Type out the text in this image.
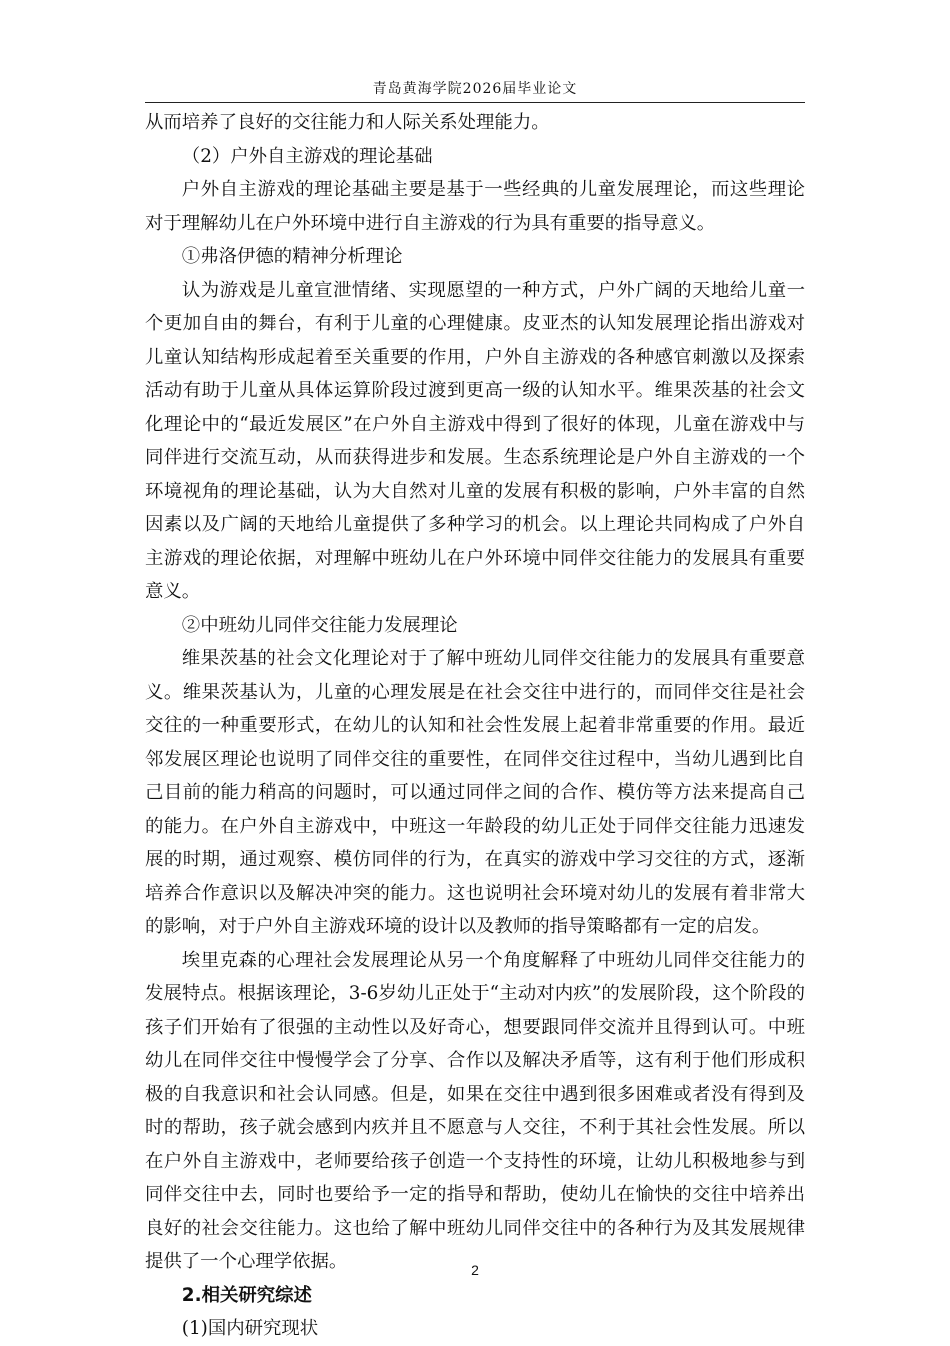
青岛黄海学院2026届毕业论文

从而培养了良好的交往能力和人际关系处理能力。

（2）户外自主游戏的理论基础

户外自主游戏的理论基础主要是基于一些经典的儿童发展理论，而这些理论对于理解幼儿在户外环境中进行自主游戏的行为具有重要的指导意义。

①弗洛伊德的精神分析理论

认为游戏是儿童宣泄情绪、实现愿望的一种方式，户外广阔的天地给儿童一个更加自由的舞台，有利于儿童的心理健康。皮亚杰的认知发展理论指出游戏对儿童认知结构形成起着至关重要的作用，户外自主游戏的各种感官刺激以及探索活动有助于儿童从具体运算阶段过渡到更高一级的认知水平。维果茨基的社会文化理论中的“最近发展区”在户外自主游戏中得到了很好的体现，儿童在游戏中与同伴进行交流互动，从而获得进步和发展。生态系统理论是户外自主游戏的一个环境视角的理论基础，认为大自然对儿童的发展有积极的影响，户外丰富的自然因素以及广阔的天地给儿童提供了多种学习的机会。以上理论共同构成了户外自主游戏的理论依据，对理解中班幼儿在户外环境中同伴交往能力的发展具有重要意义。

②中班幼儿同伴交往能力发展理论

维果茨基的社会文化理论对于了解中班幼儿同伴交往能力的发展具有重要意义。维果茨基认为，儿童的心理发展是在社会交往中进行的，而同伴交往是社会交往的一种重要形式，在幼儿的认知和社会性发展上起着非常重要的作用。最近邻发展区理论也说明了同伴交往的重要性，在同伴交往过程中，当幼儿遇到比自己目前的能力稍高的问题时，可以通过同伴之间的合作、模仿等方法来提高自己的能力。在户外自主游戏中，中班这一年龄段的幼儿正处于同伴交往能力迅速发展的时期，通过观察、模仿同伴的行为，在真实的游戏中学习交往的方式，逐渐培养合作意识以及解决冲突的能力。这也说明社会环境对幼儿的发展有着非常大的影响，对于户外自主游戏环境的设计以及教师的指导策略都有一定的启发。

埃里克森的心理社会发展理论从另一个角度解释了中班幼儿同伴交往能力的发展特点。根据该理论，3-6岁幼儿正处于“主动对内疚”的发展阶段，这个阶段的孩子们开始有了很强的主动性以及好奇心，想要跟同伴交流并且得到认可。中班幼儿在同伴交往中慢慢学会了分享、合作以及解决矛盾等，这有利于他们形成积极的自我意识和社会认同感。但是，如果在交往中遇到很多困难或者没有得到及时的帮助，孩子就会感到内疚并且不愿意与人交往，不利于其社会性发展。所以在户外自主游戏中，老师要给孩子创造一个支持性的环境，让幼儿积极地参与到同伴交往中去，同时也要给予一定的指导和帮助，使幼儿在愉快的交往中培养出良好的社会交往能力。这也给了解中班幼儿同伴交往中的各种行为及其发展规律提供了一个心理学依据。

2.相关研究综述

(1)国内研究现状

2
